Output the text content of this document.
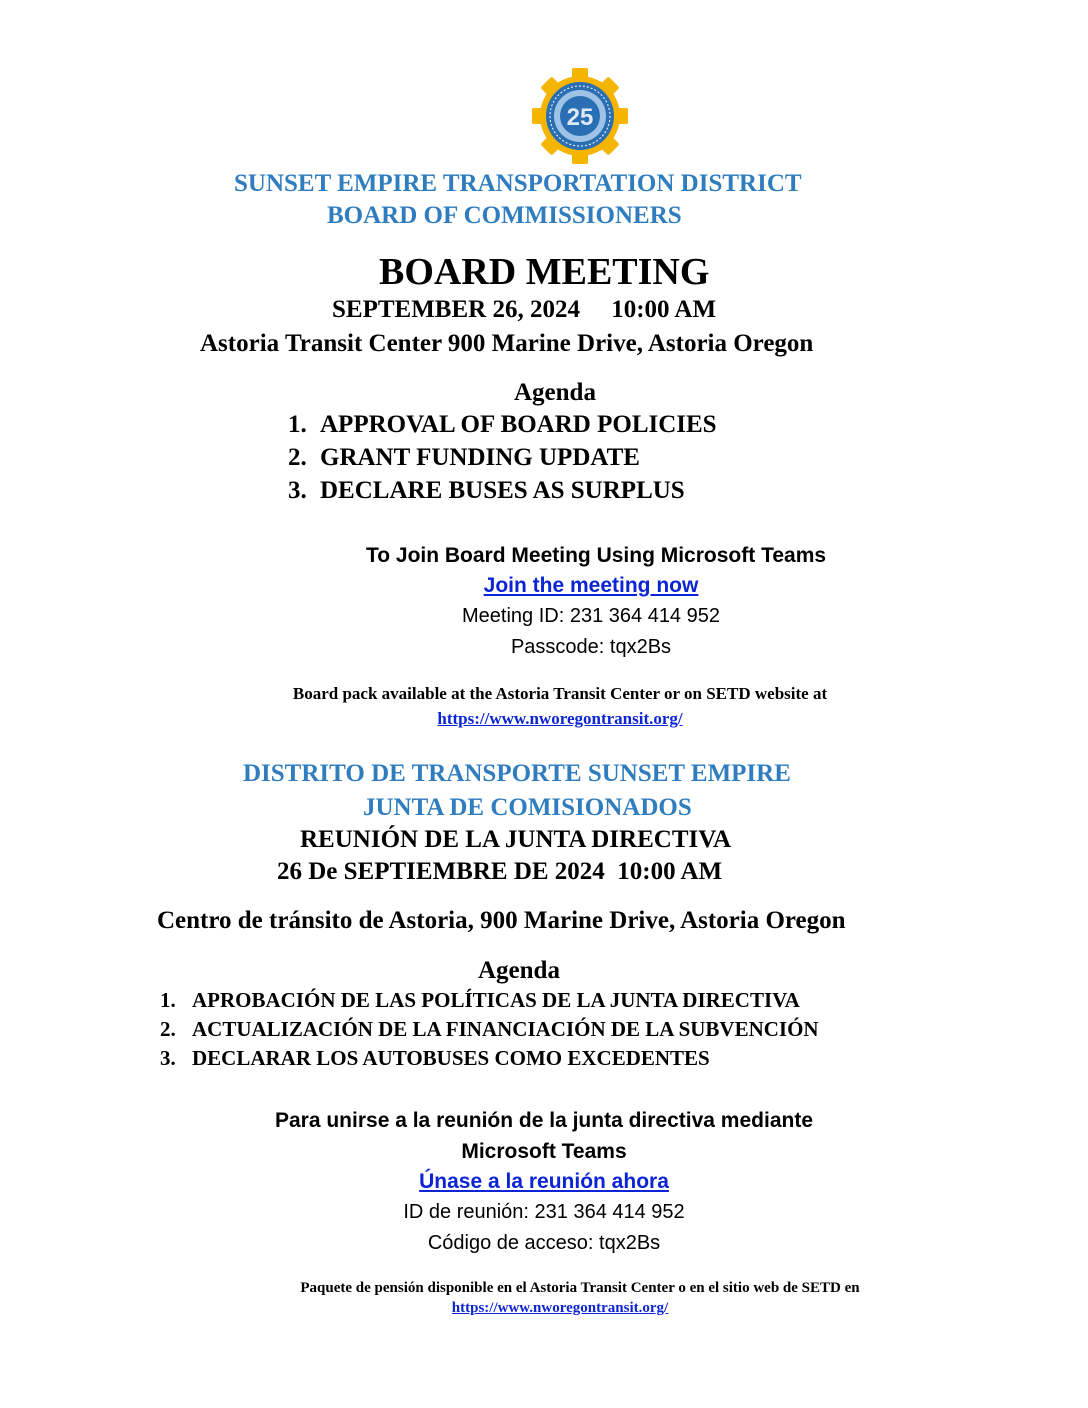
25
SUNSET EMPIRE TRANSPORTATION DISTRICT
BOARD OF COMMISSIONERS
BOARD MEETING
SEPTEMBER 26, 2024     10:00 AM
Astoria Transit Center 900 Marine Drive, Astoria Oregon
Agenda
1. APPROVAL OF BOARD POLICIES
2. GRANT FUNDING UPDATE
3. DECLARE BUSES AS SURPLUS
To Join Board Meeting Using Microsoft Teams
Join the meeting now
Meeting ID: 231 364 414 952
Passcode: tqx2Bs
Board pack available at the Astoria Transit Center or on SETD website at
https://www.nworegontransit.org/
DISTRITO DE TRANSPORTE SUNSET EMPIRE
JUNTA DE COMISIONADOS
REUNIÓN DE LA JUNTA DIRECTIVA
26 De SEPTIEMBRE DE 2024  10:00 AM
Centro de tránsito de Astoria, 900 Marine Drive, Astoria Oregon
Agenda
1. APROBACIÓN DE LAS POLÍTICAS DE LA JUNTA DIRECTIVA
2. ACTUALIZACIÓN DE LA FINANCIACIÓN DE LA SUBVENCIÓN
3. DECLARAR LOS AUTOBUSES COMO EXCEDENTES
Para unirse a la reunión de la junta directiva mediante
Microsoft Teams
Únase a la reunión ahora
ID de reunión: 231 364 414 952
Código de acceso: tqx2Bs
Paquete de pensión disponible en el Astoria Transit Center o en el sitio web de SETD en
https://www.nworegontransit.org/
